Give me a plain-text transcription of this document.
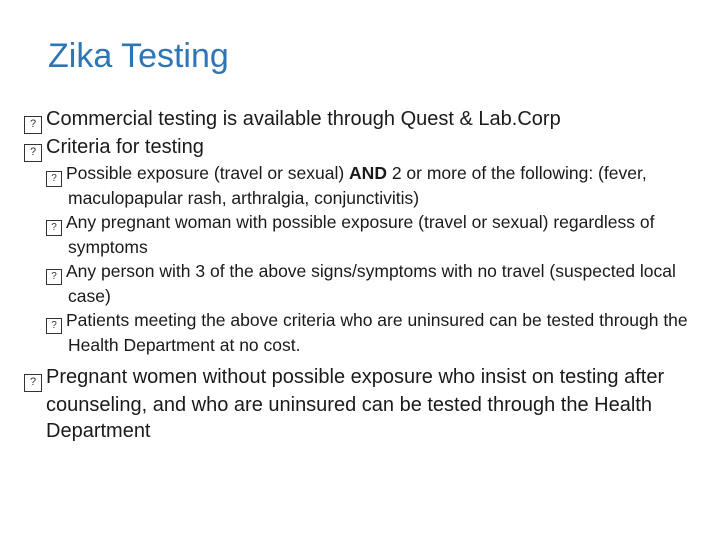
Zika Testing

? Commercial testing is available through Quest & Lab.Corp

? Criteria for testing

? Possible exposure (travel or sexual) AND 2 or more of the following: (fever, maculopapular rash, arthralgia, conjunctivitis)

? Any pregnant woman with possible exposure (travel or sexual) regardless of symptoms

? Any person with 3 of the above signs/symptoms with no travel (suspected local case)

? Patients meeting the above criteria who are uninsured can be tested through the Health Department at no cost.

? Pregnant women without possible exposure who insist on testing after counseling, and who are uninsured can be tested through the Health Department
